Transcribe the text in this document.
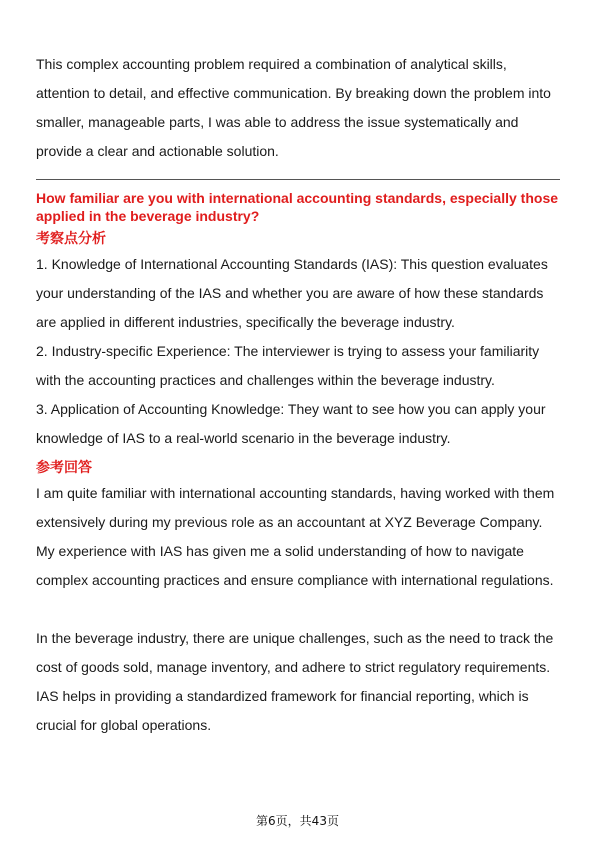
This complex accounting problem required a combination of analytical skills, attention to detail, and effective communication. By breaking down the problem into smaller, manageable parts, I was able to address the issue systematically and provide a clear and actionable solution.

How familiar are you with international accounting standards, especially those applied in the beverage industry?

考察点分析

1. Knowledge of International Accounting Standards (IAS): This question evaluates your understanding of the IAS and whether you are aware of how these standards are applied in different industries, specifically the beverage industry.

2. Industry-specific Experience: The interviewer is trying to assess your familiarity with the accounting practices and challenges within the beverage industry.

3. Application of Accounting Knowledge: They want to see how you can apply your knowledge of IAS to a real-world scenario in the beverage industry.

参考回答

I am quite familiar with international accounting standards, having worked with them extensively during my previous role as an accountant at XYZ Beverage Company. My experience with IAS has given me a solid understanding of how to navigate complex accounting practices and ensure compliance with international regulations.

In the beverage industry, there are unique challenges, such as the need to track the cost of goods sold, manage inventory, and adhere to strict regulatory requirements. IAS helps in providing a standardized framework for financial reporting, which is crucial for global operations.

第6页，共43页
